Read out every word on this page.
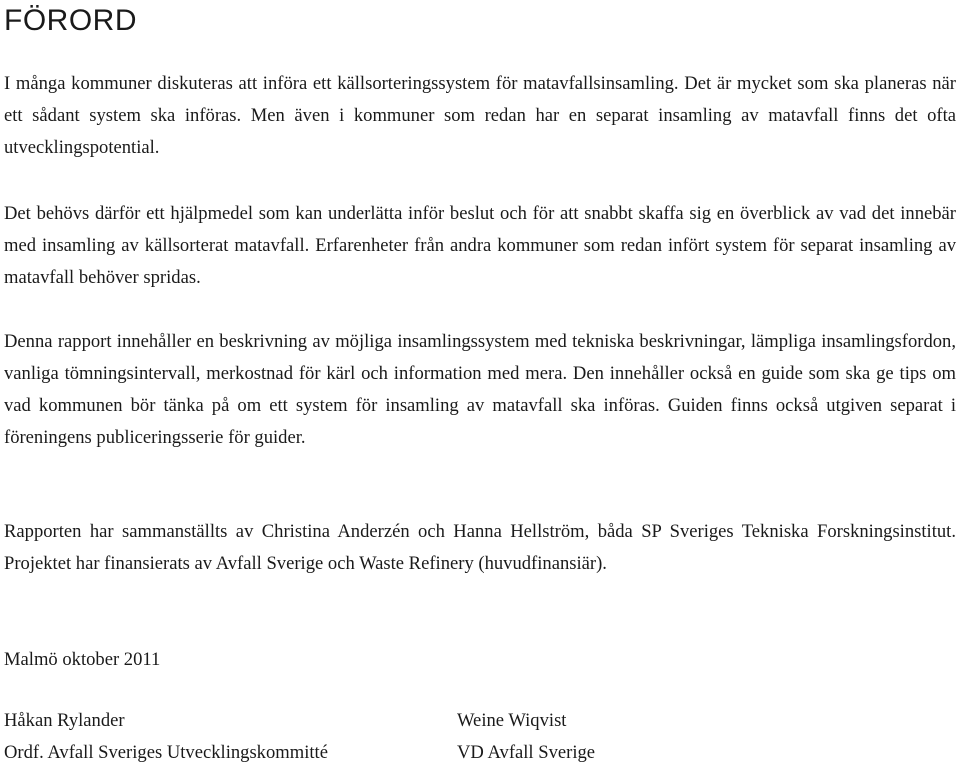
FÖRORD

I många kommuner diskuteras att införa ett källsorteringssystem för matavfallsinsamling. Det är mycket som ska planeras när ett sådant system ska införas. Men även i kommuner som redan har en separat insamling av matavfall finns det ofta utvecklingspotential.

Det behövs därför ett hjälpmedel som kan underlätta inför beslut och för att snabbt skaffa sig en överblick av vad det innebär med insamling av källsorterat matavfall. Erfarenheter från andra kommuner som redan infört system för separat insamling av matavfall behöver spridas.

Denna rapport innehåller en beskrivning av möjliga insamlingssystem med tekniska beskrivningar, lämpliga insamlingsfordon, vanliga tömningsintervall, merkostnad för kärl och information med mera. Den innehåller också en guide som ska ge tips om vad kommunen bör tänka på om ett system för insamling av matavfall ska införas. Guiden finns också utgiven separat i föreningens publiceringsserie för guider.

Rapporten har sammanställts av Christina Anderzén och Hanna Hellström, båda SP Sveriges Tekniska Forskningsinstitut. Projektet har finansierats av Avfall Sverige och Waste Refinery (huvudfinansiär).

Malmö oktober 2011

Håkan Rylander
Ordf. Avfall Sveriges Utvecklingskommitté
Weine Wiqvist
VD Avfall Sverige
